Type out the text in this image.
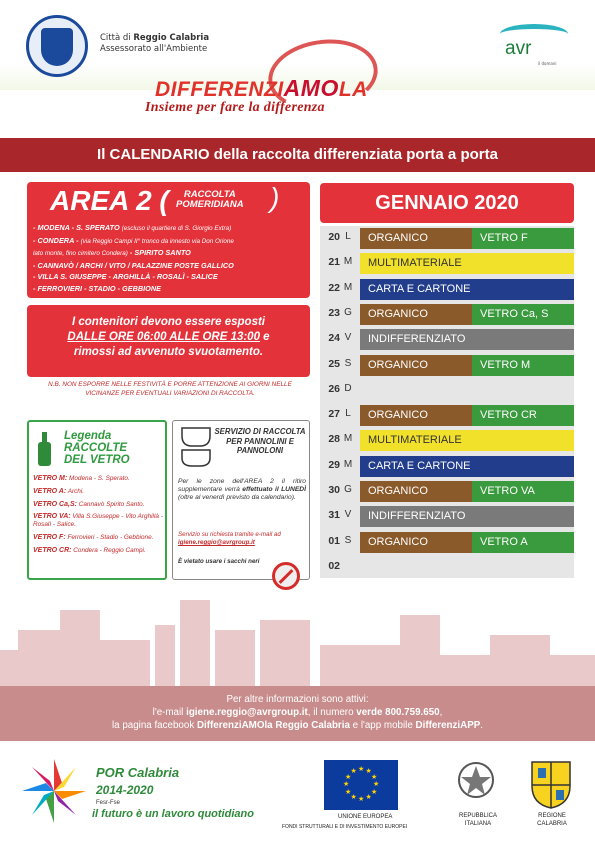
Città di Reggio Calabria
Assessorato all'Ambiente	avr
il domani
DIFFERENZIAMOLA
Insieme per fare la differenza
Il CALENDARIO della raccolta differenziata porta a porta
AREA 2 (	RACCOLTA
POMERIDIANA )
- MODENA - S. SPERATO (escluso il quartiere di S. Giorgio Extra)
- CONDERA - (via Reggio Campi II° tronco da innesto via Don Orione
lato monte, fino cimitero Condera) - SPIRITO SANTO
- CANNAVÒ / ARCHI / VITO / PALAZZINE POSTE GALLICO
- VILLA S. GIUSEPPE - ARGHILLÀ - ROSALÌ - SALICE
- FERROVIERI - STADIO - GEBBIONE
I contenitori devono essere esposti
DALLE ORE 06:00 ALLE ORE 13:00 e
rimossi ad avvenuto svuotamento.
N.B. NON ESPORRE NELLE FESTIVITÀ E PORRE ATTENZIONE AI GIORNI NELLE VICINANZE PER EVENTUALI VARIAZIONI DI RACCOLTA.
Legenda
RACCOLTE
DEL VETRO
VETRO M: Modena - S. Sperato.
VETRO A: Archi.
VETRO Ca,S: Cannavò Spirito Santo.
VETRO VA: Villa S.Giuseppe - Vito Arghillà - Rosalì - Salice.
VETRO F: Ferrovieri - Stadio - Gebbione.
VETRO CR: Condera - Reggio Campi.
SERVIZIO DI RACCOLTA PER PANNOLINI E PANNOLONI
Per le zone dell'AREA 2 il ritiro supplementare verrà effettuato il LUNEDÌ (oltre al venerdì previsto da calendario).
Servizio su richiesta tramite e-mail ad igiene.reggio@avrgroup.it
È vietato usare i sacchi neri
GENNAIO 2020
20 L	ORGANICO	VETRO F
21 M	MULTIMATERIALE
22 M	CARTA E CARTONE
23 G	ORGANICO	VETRO Ca, S
24 V	INDIFFERENZIATO
25 S	ORGANICO	VETRO M
26 D
27 L	ORGANICO	VETRO CR
28 M	MULTIMATERIALE
29 M	CARTA E CARTONE
30 G	ORGANICO	VETRO VA
31 V	INDIFFERENZIATO
01 S	ORGANICO	VETRO A
02
Per altre informazioni sono attivi:
l'e-mail igiene.reggio@avrgroup.it, il numero verde 800.759.650,
la pagina facebook DifferenziAMOla Reggio Calabria e l'app mobile DifferenziAPP.
POR Calabria
2014-2020
Fesr-Fse
il futuro è un lavoro quotidiano
★
★
★
★
★
★
★
★
★ ★ ★
★
UNIONE EUROPEA
FONDI STRUTTURALI E DI INVESTIMENTO EUROPEI
REPUBBLICA
ITALIANA
REGIONE
CALABRIA
